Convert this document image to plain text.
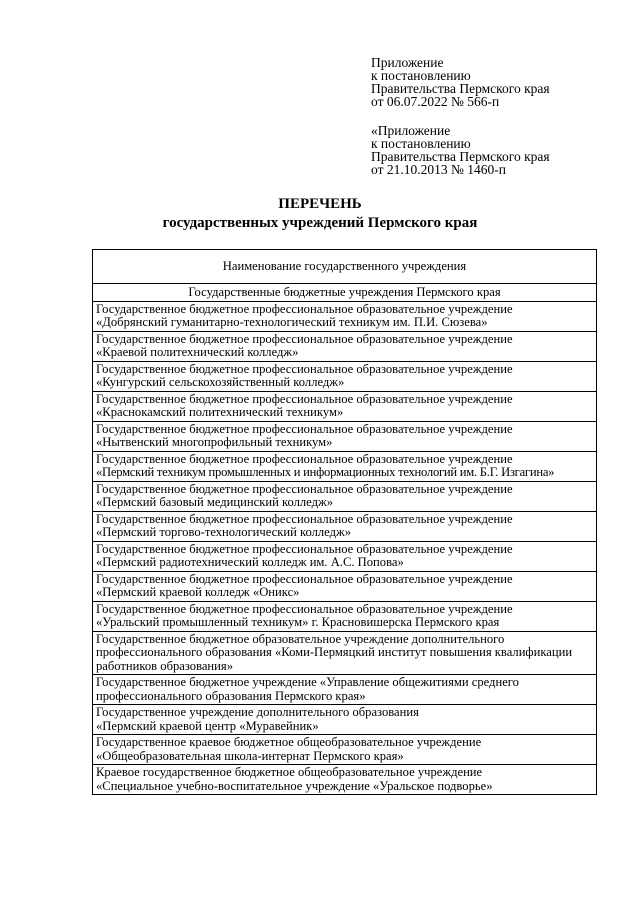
Приложение
к постановлению
Правительства Пермского края
от 06.07.2022 № 566-п
«Приложение
к постановлению
Правительства Пермского края
от 21.10.2013 № 1460-п
ПЕРЕЧЕНЬ
государственных учреждений Пермского края
Наименование государственного учреждения
Государственные бюджетные учреждения Пермского края

Государственное бюджетное профессиональное образовательное учреждение
«Добрянский гуманитарно-технологический техникум им. П.И. Сюзева»

Государственное бюджетное профессиональное образовательное учреждение
«Краевой политехнический колледж»

Государственное бюджетное профессиональное образовательное учреждение
«Кунгурский сельскохозяйственный колледж»

Государственное бюджетное профессиональное образовательное учреждение
«Краснокамский политехнический техникум»

Государственное бюджетное профессиональное образовательное учреждение
«Нытвенский многопрофильный техникум»

Государственное бюджетное профессиональное образовательное учреждение
«Пермский техникум промышленных и информационных технологий им. Б.Г. Изгагина»

Государственное бюджетное профессиональное образовательное учреждение
«Пермский базовый медицинский колледж»

Государственное бюджетное профессиональное образовательное учреждение
«Пермский торгово-технологический колледж»

Государственное бюджетное профессиональное образовательное учреждение
«Пермский радиотехнический колледж им. А.С. Попова»

Государственное бюджетное профессиональное образовательное учреждение
«Пермский краевой колледж «Оникс»

Государственное бюджетное профессиональное образовательное учреждение
«Уральский промышленный техникум» г. Красновишерска Пермского края

Государственное бюджетное образовательное учреждение дополнительного профессионального образования «Коми-Пермяцкий институт повышения квалификации работников образования»

Государственное бюджетное учреждение «Управление общежитиями среднего профессионального образования Пермского края»

Государственное учреждение дополнительного образования
«Пермский краевой центр «Муравейник»

Государственное краевое бюджетное общеобразовательное учреждение
«Общеобразовательная школа-интернат Пермского края»

Краевое государственное бюджетное общеобразовательное учреждение
«Специальное учебно-воспитательное учреждение «Уральское подворье»
